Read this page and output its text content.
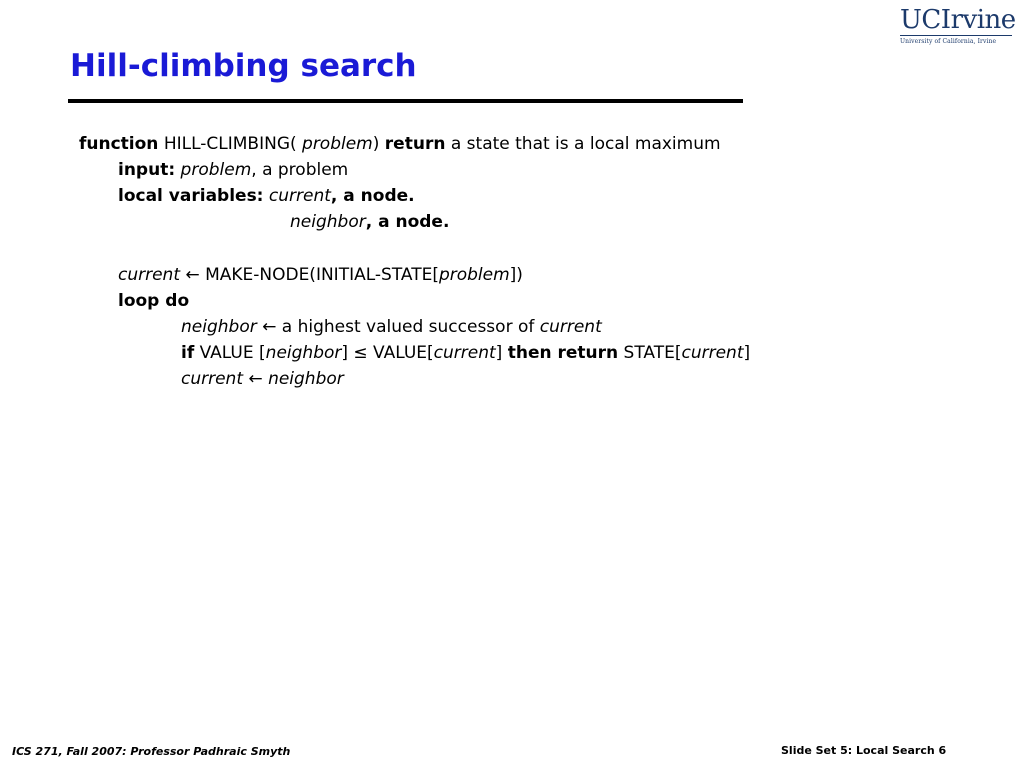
Hill-climbing search
UCIrvine
University of California, Irvine
function HILL-CLIMBING( problem) return a state that is a local maximum
input: problem, a problem
local variables: current, a node.
neighbor, a node.
current ← MAKE-NODE(INITIAL-STATE[problem])
loop do
neighbor ← a highest valued successor of current
if VALUE [neighbor] ≤ VALUE[current] then return STATE[current]
current ← neighbor
ICS 271, Fall 2007: Professor Padhraic Smyth	Slide Set 5: Local Search 6
